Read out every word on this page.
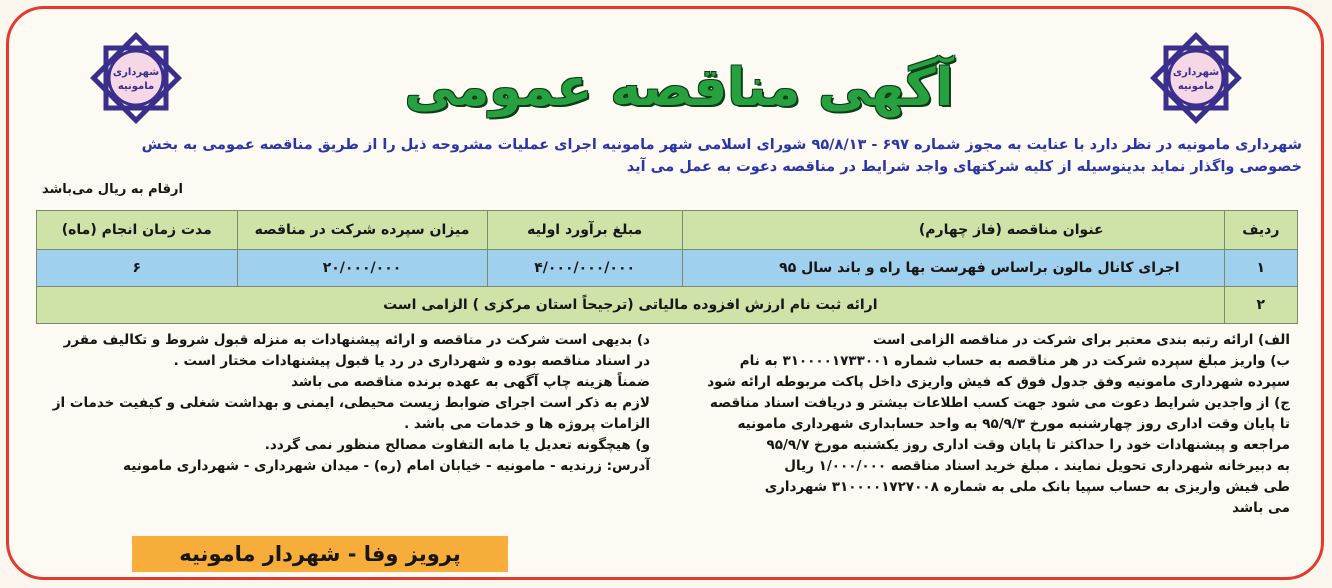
شهرداری
مامونیه
شهرداری
مامونیه	آگهی مناقصه عمومی
شهرداری مامونیه در نظر دارد با عنایت به مجوز شماره ۶۹۷ - ۹۵/۸/۱۳ شورای اسلامی شهر مامونیه اجرای عملیات مشروحه ذیل را از طریق مناقصه عمومی به بخش
خصوصی واگذار نماید بدینوسیله از کلیه شرکتهای واجد شرایط در مناقصه دعوت به عمل می آید
ارقام به ریال می‌باشد
ردیف	عنوان مناقصه (فاز چهارم)	مبلغ برآورد اولیه	میزان سپرده شرکت در مناقصه	مدت زمان انجام (ماه)
۱	اجرای کانال مالون براساس فهرست بها راه و باند سال ۹۵	۴/۰۰۰/۰۰۰/۰۰۰	۲۰/۰۰۰/۰۰۰	۶
۲	ارائه ثبت نام ارزش افزوده مالیاتی (ترجیحاً استان مرکزی ) الزامی است			

الف) ارائه رتبه بندی معتبر برای شرکت در مناقصه الزامی است

ب) واریز مبلغ سپرده شرکت در هر مناقصه به حساب شماره ۳۱۰۰۰۰۱۷۳۳۰۰۱ به نام

سپرده شهرداری مامونیه وفق جدول فوق که فیش واریزی داخل پاکت مربوطه ارائه شود

ج) از واجدین شرایط دعوت می شود جهت کسب اطلاعات بیشتر و دریافت اسناد مناقصه

تا پایان وقت اداری روز چهارشنبه مورخ ۹۵/۹/۳ به واحد حسابداری شهرداری مامونیه

مراجعه و پیشنهادات خود را حداکثر تا پایان وقت اداری روز یکشنبه مورخ ۹۵/۹/۷

به دبیرخانه شهرداری تحویل نمایند . مبلغ خرید اسناد مناقصه ۱/۰۰۰/۰۰۰ ریال

طی فیش واریزی به حساب سپیا بانک ملی به شماره ۳۱۰۰۰۰۱۷۲۷۰۰۸ شهرداری

می باشد

د) بدیهی است شرکت در مناقصه و ارائه پیشنهادات به منزله قبول شروط و تکالیف مقرر

در اسناد مناقصه بوده و شهرداری در رد یا قبول پیشنهادات مختار است .

ضمناً هزینه چاپ آگهی به عهده برنده مناقصه می باشد

لازم به ذکر است اجرای ضوابط زیست محیطی، ایمنی و بهداشت شغلی و کیفیت خدمات از

الزامات پروژه ها و خدمات می باشد .

و) هیچگونه تعدیل یا مابه التفاوت مصالح منظور نمی گردد.

آدرس: زرندیه - مامونیه - خیابان امام (ره) - میدان شهرداری - شهرداری مامونیه

پرویز وفا - شهردار مامونیه
